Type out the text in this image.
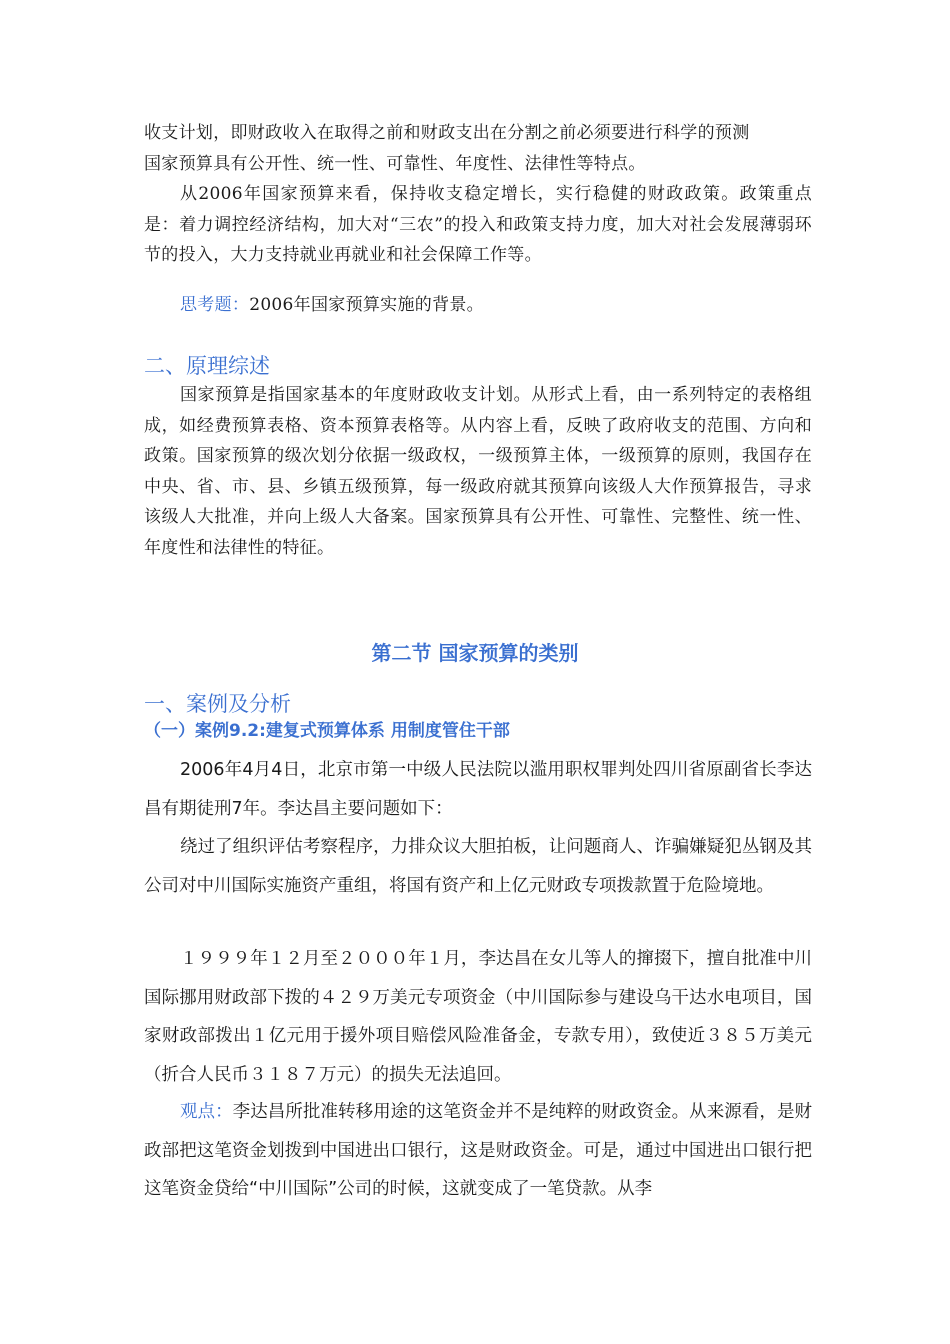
收支计划，即财政收入在取得之前和财政支出在分割之前必须要进行科学的预测
国家预算具有公开性、统一性、可靠性、年度性、法律性等特点。

从2006年国家预算来看，保持收支稳定增长，实行稳健的财政政策。政策重点是：着力调控经济结构，加大对“三农”的投入和政策支持力度，加大对社会发展薄弱环节的投入，大力支持就业再就业和社会保障工作等。

思考题：2006年国家预算实施的背景。

二、原理综述

国家预算是指国家基本的年度财政收支计划。从形式上看，由一系列特定的表格组成，如经费预算表格、资本预算表格等。从内容上看，反映了政府收支的范围、方向和政策。国家预算的级次划分依据一级政权，一级预算主体，一级预算的原则，我国存在中央、省、市、县、乡镇五级预算，每一级政府就其预算向该级人大作预算报告，寻求该级人大批准，并向上级人大备案。国家预算具有公开性、可靠性、完整性、统一性、年度性和法律性的特征。

第二节 国家预算的类别
一、案例及分析
（一）案例9.2:建复式预算体系 用制度管住干部

2006年4月4日，北京市第一中级人民法院以滥用职权罪判处四川省原副省长李达昌有期徒刑7年。李达昌主要问题如下：

绕过了组织评估考察程序，力排众议大胆拍板，让问题商人、诈骗嫌疑犯丛钢及其公司对中川国际实施资产重组，将国有资产和上亿元财政专项拨款置于危险境地。

１９９９年１２月至２０００年１月，李达昌在女儿等人的撺掇下，擅自批准中川国际挪用财政部下拨的４２９万美元专项资金（中川国际参与建设乌干达水电项目，国家财政部拨出１亿元用于援外项目赔偿风险准备金，专款专用），致使近３８５万美元（折合人民币３１８７万元）的损失无法追回。

观点：李达昌所批准转移用途的这笔资金并不是纯粹的财政资金。从来源看，是财政部把这笔资金划拨到中国进出口银行，这是财政资金。可是，通过中国进出口银行把这笔资金贷给“中川国际”公司的时候，这就变成了一笔贷款。从李
